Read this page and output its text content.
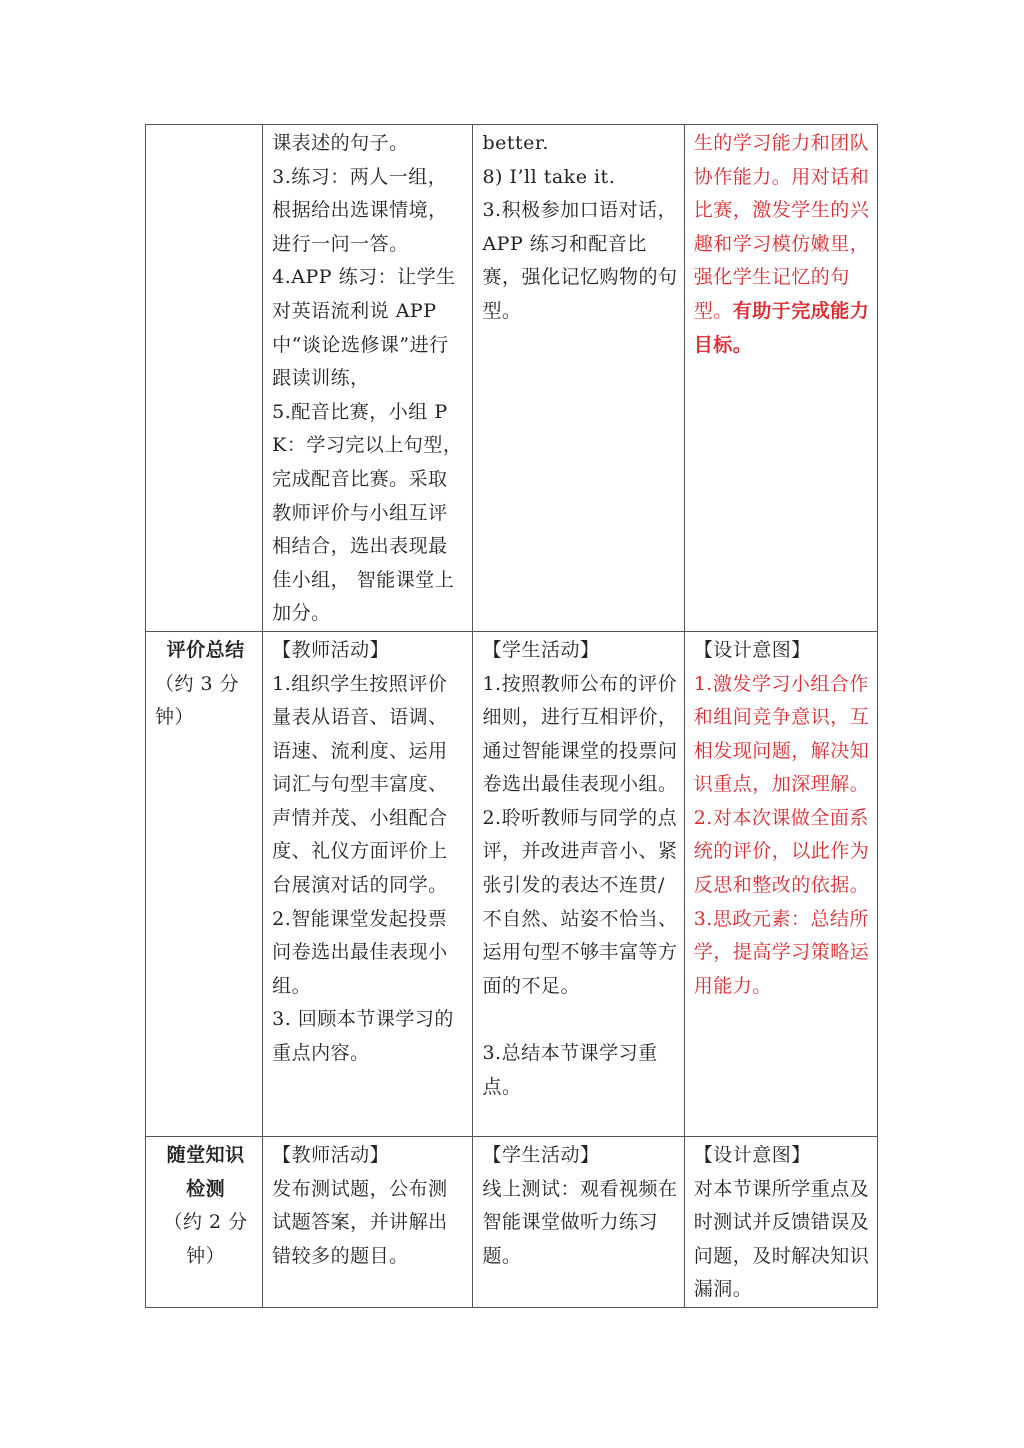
	课表述的句子。
3.练习：两人一组，根据给出选课情境，进行一问一答。
4.APP 练习：让学生对英语流利说 APP 中“谈论选修课”进行跟读训练，
5.配音比赛，小组 PK：学习完以上句型，完成配音比赛。采取教师评价与小组互评相结合，选出表现最佳小组， 智能课堂上加分。	better.
8) I’ll take it.
3.积极参加口语对话，APP 练习和配音比赛，强化记忆购物的句型。	生的学习能力和团队协作能力。用对话和比赛，激发学生的兴趣和学习模仿嫩里，强化学生记忆的句型。有助于完成能力目标。

评价总结
（约 3 分钟）	【教师活动】
1.组织学生按照评价量表从语音、语调、语速、流利度、运用词汇与句型丰富度、声情并茂、小组配合度、礼仪方面评价上台展演对话的同学。
2.智能课堂发起投票问卷选出最佳表现小组。
3. 回顾本节课学习的重点内容。	【学生活动】
1.按照教师公布的评价细则，进行互相评价，通过智能课堂的投票问卷选出最佳表现小组。
2.聆听教师与同学的点评，并改进声音小、紧张引发的表达不连贯/不自然、站姿不恰当、运用句型不够丰富等方面的不足。
3.总结本节课学习重点。	【设计意图】
1.激发学习小组合作和组间竞争意识，互相发现问题，解决知识重点，加深理解。
2.对本次课做全面系统的评价，以此作为反思和整改的依据。
3.思政元素：总结所学，提高学习策略运用能力。

随堂知识
检测
（约 2 分钟）	【教师活动】
发布测试题，公布测试题答案，并讲解出错较多的题目。	【学生活动】
线上测试：观看视频在智能课堂做听力练习题。	【设计意图】
对本节课所学重点及时测试并反馈错误及问题，及时解决知识漏洞。
